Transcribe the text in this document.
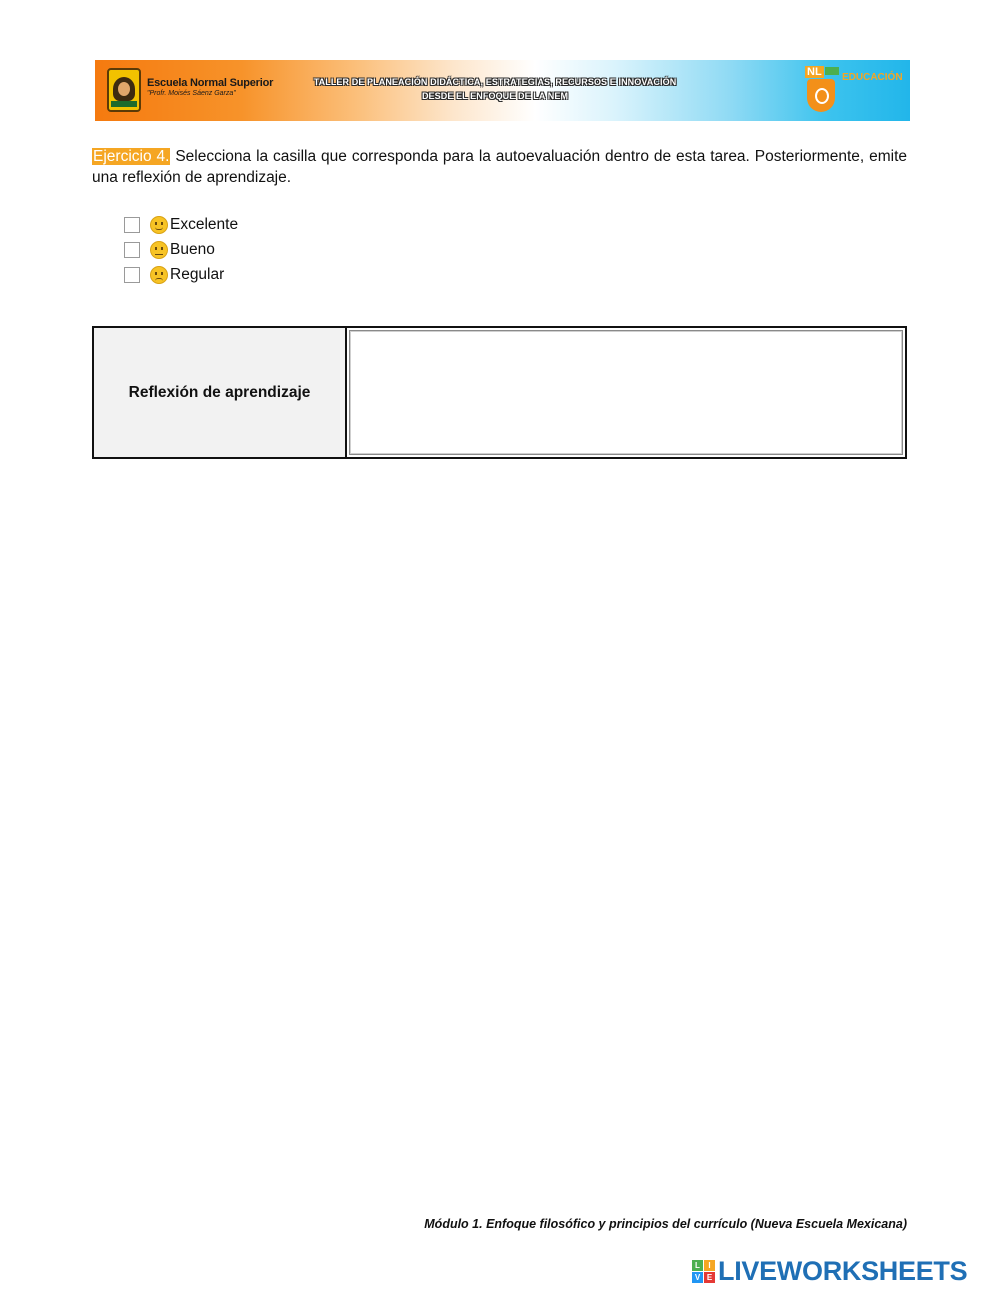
Escuela Normal Superior
"Profr. Moisés Sáenz Garza"
TALLER DE PLANEACIÓN DIDÁCTICA, ESTRATEGIAS, RECURSOS E INNOVACIÓN
DESDE EL ENFOQUE DE LA NEM
NL EDUCACIÓN
Ejercicio 4. Selecciona la casilla que corresponda para la autoevaluación dentro de esta tarea. Posteriormente, emite una reflexión de aprendizaje.
Excelente
Bueno
Regular
Reflexión de aprendizaje
Módulo 1. Enfoque filosófico y principios del currículo (Nueva Escuela Mexicana)
L	I
V E LIVEWORKSHEETS
